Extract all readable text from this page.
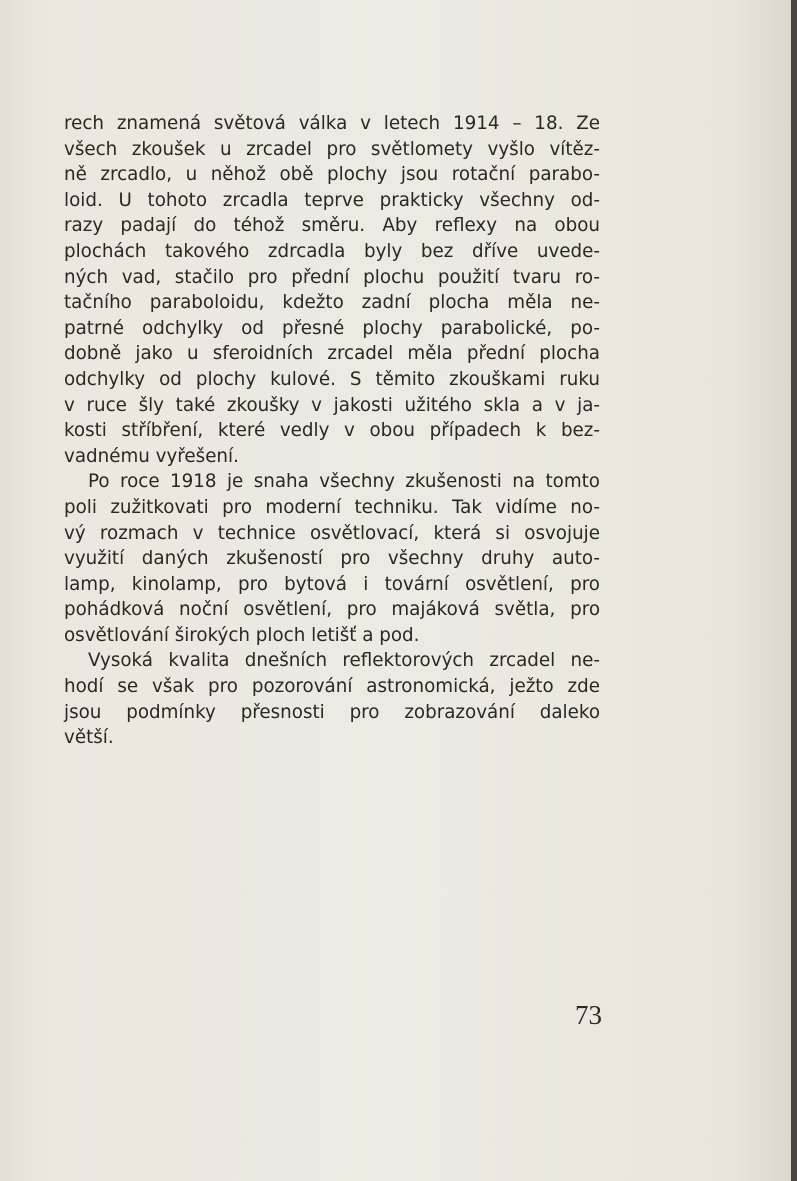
rech znamená světová válka v letech 1914 – 18. Ze
všech zkoušek u zrcadel pro světlomety vyšlo vítěz-
ně zrcadlo, u něhož obě plochy jsou rotační parabo-
loid. U tohoto zrcadla teprve prakticky všechny od-
razy padají do téhož směru. Aby reflexy na obou
plochách takového zdrcadla byly bez dříve uvede-
ných vad, stačilo pro přední plochu použití tvaru ro-
tačního paraboloidu, kdežto zadní plocha měla ne-
patrné odchylky od přesné plochy parabolické, po-
dobně jako u sferoidních zrcadel měla přední plocha
odchylky od plochy kulové. S těmito zkouškami ruku
v ruce šly také zkoušky v jakosti užitého skla a v ja-
kosti stříbření, které vedly v obou případech k bez-
vadnému vyřešení.
Po roce 1918 je snaha všechny zkušenosti na tomto
poli zužitkovati pro moderní techniku. Tak vidíme no-
vý rozmach v technice osvětlovací, která si osvojuje
využití daných zkušeností pro všechny druhy auto-
lamp, kinolamp, pro bytová i tovární osvětlení, pro
pohádková noční osvětlení, pro majáková světla, pro
osvětlování širokých ploch letišť a pod.
Vysoká kvalita dnešních reflektorových zrcadel ne-
hodí se však pro pozorování astronomická, ježto zde
jsou podmínky přesnosti pro zobrazování daleko
větší.
73
